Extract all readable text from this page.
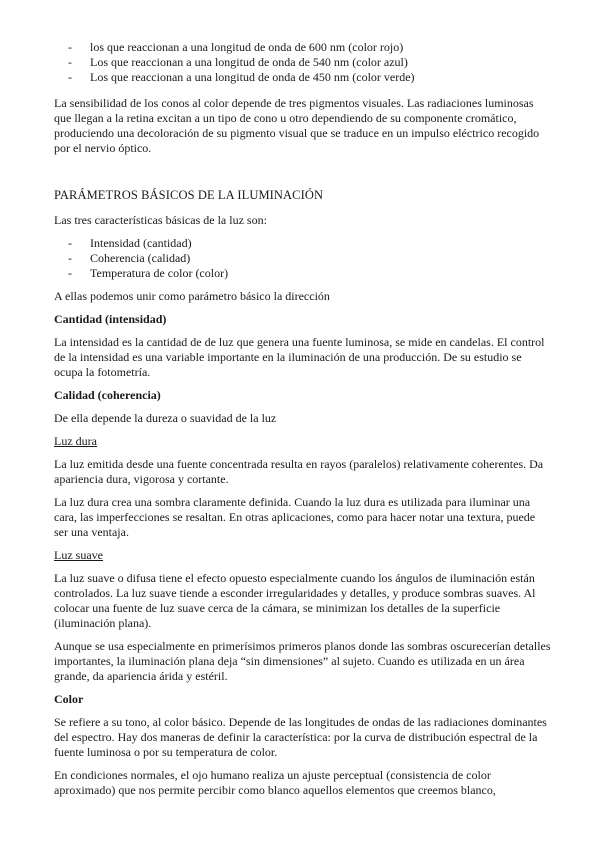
- los que reaccionan a una longitud de onda de 600 nm (color rojo)
- Los que reaccionan a una longitud de onda de 540 nm (color azul)
- Los que reaccionan a una longitud de onda de 450 nm (color verde)

La sensibilidad de los conos al color depende de tres pigmentos visuales. Las radiaciones luminosas que llegan a la retina excitan a un tipo de cono u otro dependiendo de su componente cromático, produciendo una decoloración de su pigmento visual que se traduce en un impulso eléctrico recogido por el nervio óptico.

PARÁMETROS BÁSICOS DE LA ILUMINACIÓN

Las tres características básicas de la luz son:

- Intensidad (cantidad)
- Coherencia (calidad)
- Temperatura de color (color)

A ellas podemos unir como parámetro básico la dirección

Cantidad (intensidad)

La intensidad es la cantidad de de luz que genera una fuente luminosa, se mide en candelas. El control de la intensidad es una variable importante en la iluminación de una producción. De su estudio se ocupa la fotometría.

Calidad (coherencia)

De ella depende la dureza o suavidad de la luz

Luz dura

La luz emitida desde una fuente concentrada resulta en rayos (paralelos) relativamente coherentes. Da apariencia dura, vigorosa y cortante.

La luz dura crea una sombra claramente definida. Cuando la luz dura es utilizada para iluminar una cara, las imperfecciones se resaltan. En otras aplicaciones, como para hacer notar una textura, puede ser una ventaja.

Luz suave

La luz suave o difusa tiene el efecto opuesto especialmente cuando los ángulos de iluminación están controlados. La luz suave tiende a esconder irregularidades y detalles, y produce sombras suaves. Al colocar una fuente de luz suave cerca de la cámara, se minimizan los detalles de la superficie (iluminación plana).

Aunque se usa especialmente en primerísimos primeros planos donde las sombras oscurecerían detalles importantes, la iluminación plana deja “sin dimensiones” al sujeto. Cuando es utilizada en un área grande, da apariencia árida y estéril.

Color

Se refiere a su tono, al color básico. Depende de las longitudes de ondas de las radiaciones dominantes del espectro. Hay dos maneras de definir la característica: por la curva de distribución espectral de la fuente luminosa o por su temperatura de color.

En condiciones normales, el ojo humano realiza un ajuste perceptual (consistencia de color aproximado) que nos permite percibir como blanco aquellos elementos que creemos blanco,
